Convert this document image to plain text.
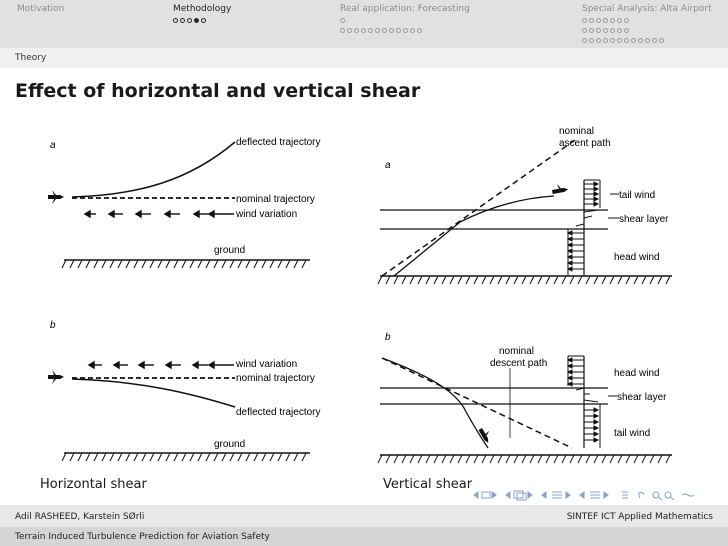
Motivation	Methodology	Real application: Forecasting	Special Analysis: Alta Airport
Theory
Effect of horizontal and vertical shear
a	deflected trajectory
nominal trajectory
wind variation
ground
b
wind variation
nominal trajectory
deflected trajectory
ground
a
nominal
ascent path
tail wind
shear layer
head wind
b
nominal
descent path
head wind
shear layer
tail wind
Horizontal shear	Vertical shear
Adil RASHEED, Karstein SØrli	SINTEF ICT Applied Mathematics
Terrain Induced Turbulence Prediction for Aviation Safety
